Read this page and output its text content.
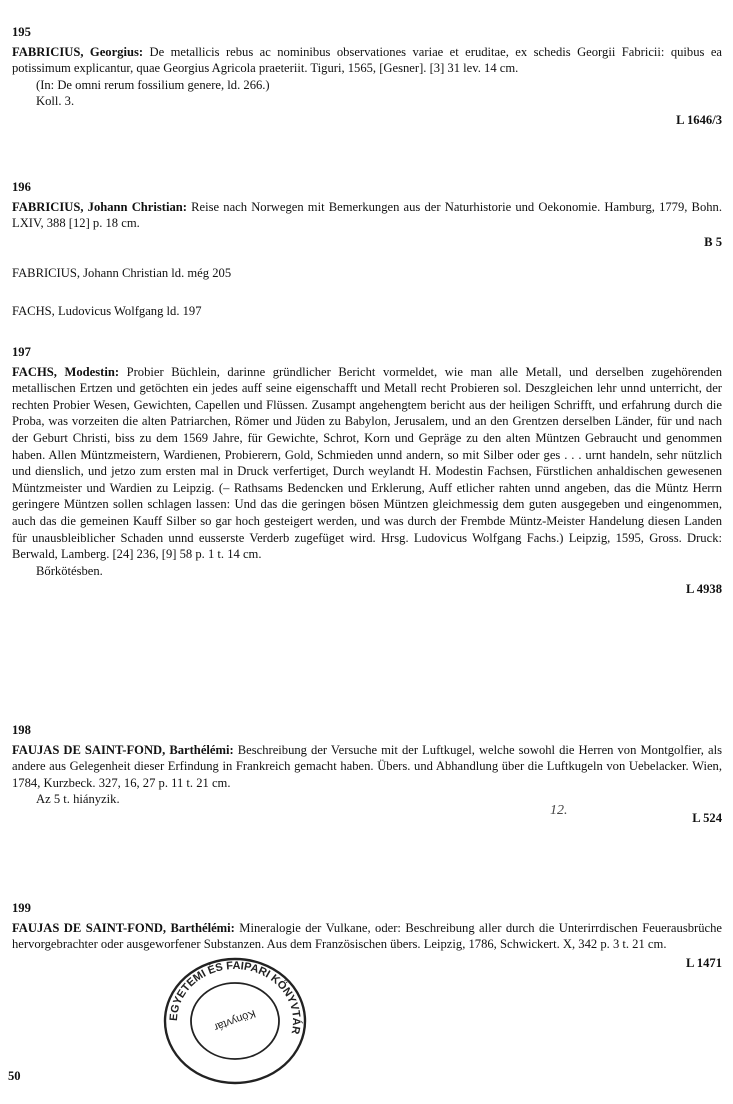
195
FABRICIUS, Georgius: De metallicis rebus ac nominibus observationes variae et eruditae, ex schedis Georgii Fabricii: quibus ea potissimum explicantur, quae Georgius Agricola praeteriit. Tiguri, 1565, [Gesner]. [3] 31 lev. 14 cm.
(In: De omni rerum fossilium genere, ld. 266.)
Koll. 3.
L 1646/3
196
FABRICIUS, Johann Christian: Reise nach Norwegen mit Bemerkungen aus der Naturhistorie und Oekonomie. Hamburg, 1779, Bohn. LXIV, 388 [12] p. 18 cm.
B 5
FABRICIUS, Johann Christian ld. még 205
FACHS, Ludovicus Wolfgang ld. 197
197
FACHS, Modestin: Probier Büchlein, darinne gründlicher Bericht vormeldet, wie man alle Metall, und derselben zugehörenden metallischen Ertzen und getöchten ein jedes auff seine eigenschafft und Metall recht Probieren sol. Deszgleichen lehr unnd unterricht, der rechten Probier Wesen, Gewichten, Capellen und Flüssen. Zusampt angehengtem bericht aus der heiligen Schrifft, und erfahrung durch die Proba, was vorzeiten die alten Patriarchen, Römer und Jüden zu Babylon, Jerusalem, und an den Grentzen derselben Länder, für und nach der Geburt Christi, biss zu dem 1569 Jahre, für Gewichte, Schrot, Korn und Gepräge zu den alten Müntzen Gebraucht und genommen haben. Allen Müntzmeistern, Wardienen, Probierern, Gold, Schmieden unnd andern, so mit Silber oder ges . . . urnt handeln, sehr nützlich und dienslich, und jetzo zum ersten mal in Druck verfertiget, Durch weylandt H. Modestin Fachsen, Fürstlichen anhaldischen gewesenen Müntzmeister und Wardien zu Leipzig. (– Rathsams Bedencken und Erklerung, Auff etlicher rahten unnd angeben, das die Müntz Herrn geringere Müntzen sollen schlagen lassen: Und das die geringen bösen Müntzen gleichmessig dem guten ausgegeben und eingenommen, auch das die gemeinen Kauff Silber so gar hoch gesteigert werden, und was durch der Frembde Müntz-Meister Handelung diesen Landen für unausbleiblicher Schaden unnd eusserste Verderb zugefüget wird. Hrsg. Ludovicus Wolfgang Fachs.) Leipzig, 1595, Gross. Druck: Berwald, Lamberg. [24] 236, [9] 58 p. 1 t. 14 cm.
Bőrkötésben.
L 4938
198
FAUJAS DE SAINT-FOND, Barthélémi: Beschreibung der Versuche mit der Luftkugel, welche sowohl die Herren von Montgolfier, als andere aus Gelegenheit dieser Erfindung in Frankreich gemacht haben. Übers. und Abhandlung über die Luftkugeln von Uebelacker. Wien, 1784, Kurzbeck. 327, 16, 27 p. 11 t. 21 cm.
Az 5 t. hiányzik.
L 524
12.
199
FAUJAS DE SAINT-FOND, Barthélémi: Mineralogie der Vulkane, oder: Beschreibung aller durch die Unterirrdischen Feuerausbrüche hervorgebrachter oder ausgeworfener Substanzen. Aus dem Französischen übers. Leipzig, 1786, Schwickert. X, 342 p. 3 t. 21 cm.
L 1471
EGYETEMI ÉS FAIPARI KÖNYVTÁR
Könyvtár
50
